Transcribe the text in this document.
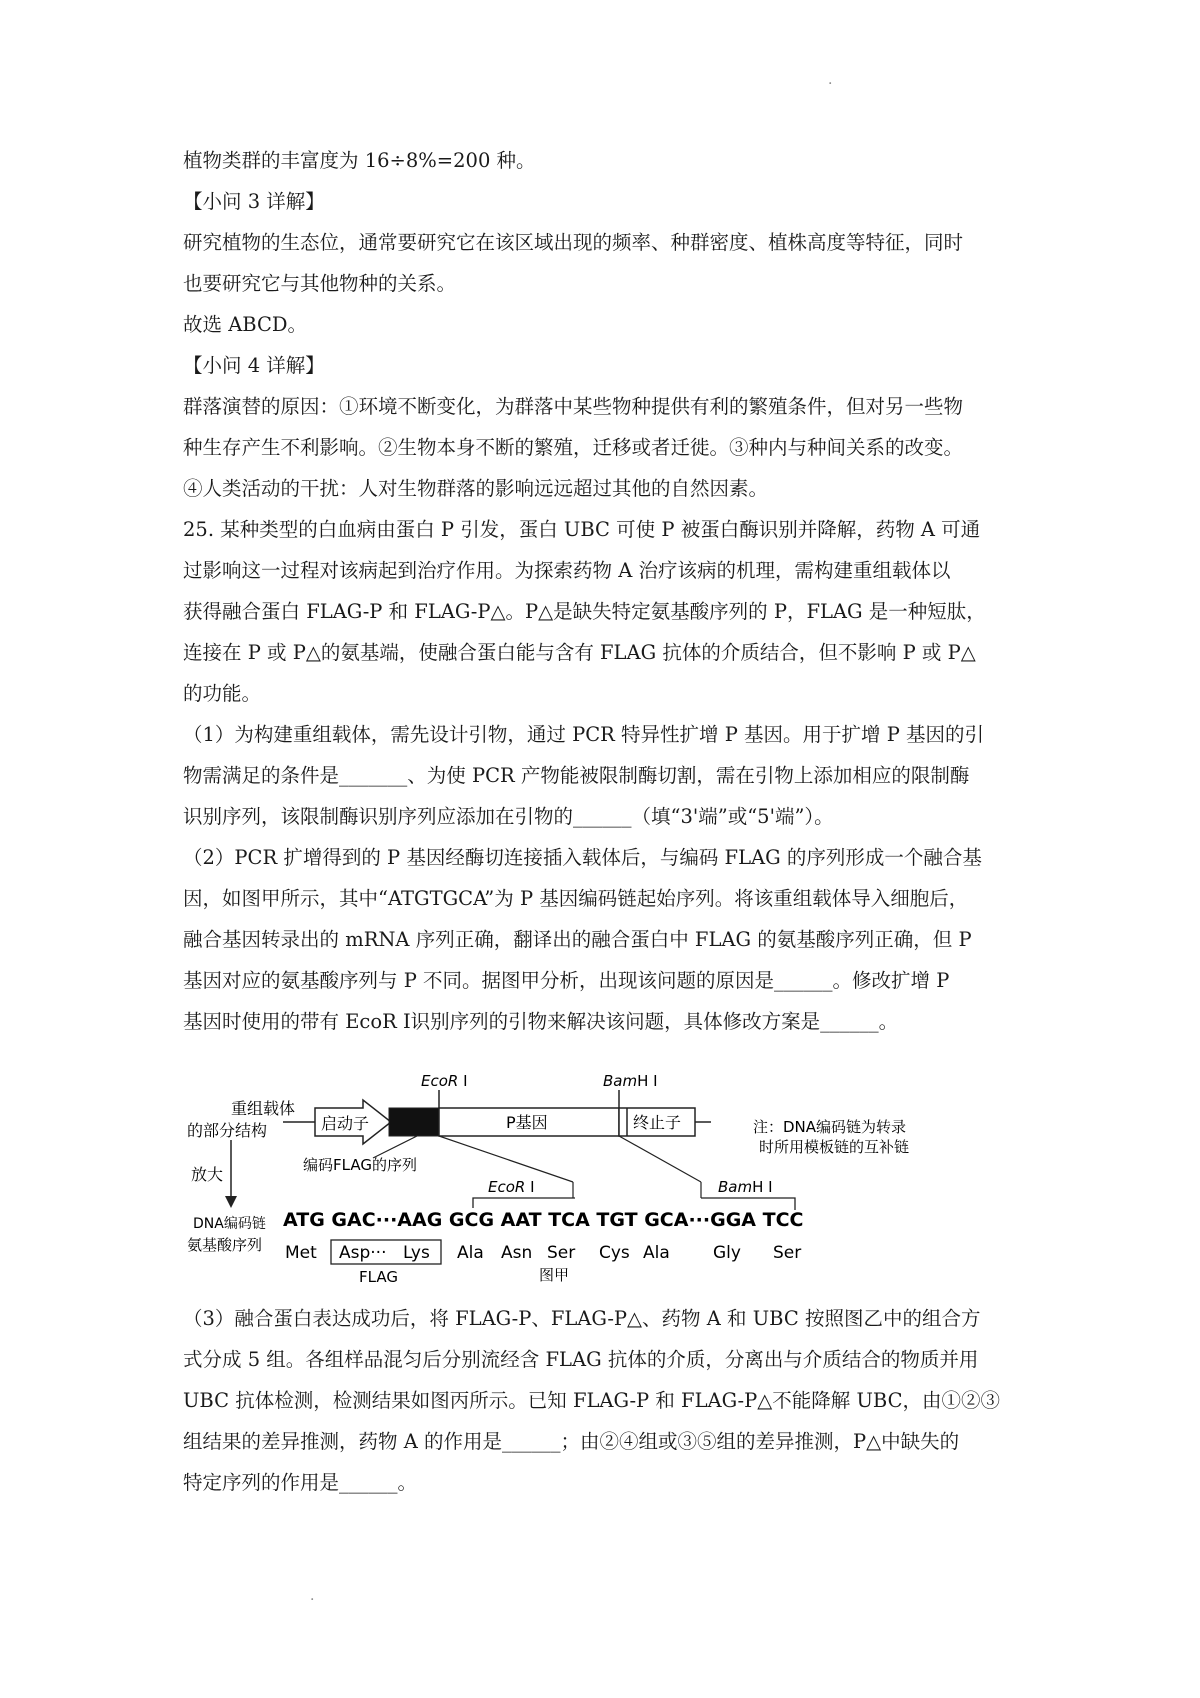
·
植物类群的丰富度为 16÷8%=200 种。
【小问 3 详解】
研究植物的生态位，通常要研究它在该区域出现的频率、种群密度、植株高度等特征，同时
也要研究它与其他物种的关系。
故选 ABCD。
【小问 4 详解】
群落演替的原因：①环境不断变化，为群落中某些物种提供有利的繁殖条件，但对另一些物
种生存产生不利影响。②生物本身不断的繁殖，迁移或者迁徙。③种内与种间关系的改变。
④人类活动的干扰：人对生物群落的影响远远超过其他的自然因素。
25. 某种类型的白血病由蛋白 P 引发，蛋白 UBC 可使 P 被蛋白酶识别并降解，药物 A 可通
过影响这一过程对该病起到治疗作用。为探索药物 A 治疗该病的机理，需构建重组载体以
获得融合蛋白 FLAG-P 和 FLAG-P△。P△是缺失特定氨基酸序列的 P，FLAG 是一种短肽，
连接在 P 或 P△的氨基端，使融合蛋白能与含有 FLAG 抗体的介质结合，但不影响 P 或 P△
的功能。
（1）为构建重组载体，需先设计引物，通过 PCR 特异性扩增 P 基因。用于扩增 P 基因的引
物需满足的条件是_______、为使 PCR 产物能被限制酶切割，需在引物上添加相应的限制酶
识别序列，该限制酶识别序列应添加在引物的______（填“3'端”或“5'端”）。
（2）PCR 扩增得到的 P 基因经酶切连接插入载体后，与编码 FLAG 的序列形成一个融合基
因，如图甲所示，其中“ATGTGCA”为 P 基因编码链起始序列。将该重组载体导入细胞后，
融合基因转录出的 mRNA 序列正确，翻译出的融合蛋白中 FLAG 的氨基酸序列正确，但 P
基因对应的氨基酸序列与 P 不同。据图甲分析，出现该问题的原因是______。修改扩增 P
基因时使用的带有 EcoR Ⅰ识别序列的引物来解决该问题，具体修改方案是______。
重组载体
的部分结构
放大
DNA编码链
氨基酸序列
启动子	P基因	终止子
EcoR I	BamH I
注：DNA编码链为转录
时所用模板链的互补链
编码FLAG的序列
EcoR I	BamH I
ATG GAC···AAG GCG AAT TCA TGT GCA···GGA TCC
Met Asp··· Lys Ala Asn Ser Cys Ala	Gly Ser
FLAG	图甲
（3）融合蛋白表达成功后，将 FLAG-P、FLAG-P△、药物 A 和 UBC 按照图乙中的组合方
式分成 5 组。各组样品混匀后分别流经含 FLAG 抗体的介质，分离出与介质结合的物质并用
UBC 抗体检测，检测结果如图丙所示。已知 FLAG-P 和 FLAG-P△不能降解 UBC，由①②③
组结果的差异推测，药物 A 的作用是______；由②④组或③⑤组的差异推测，P△中缺失的
特定序列的作用是______。
·
